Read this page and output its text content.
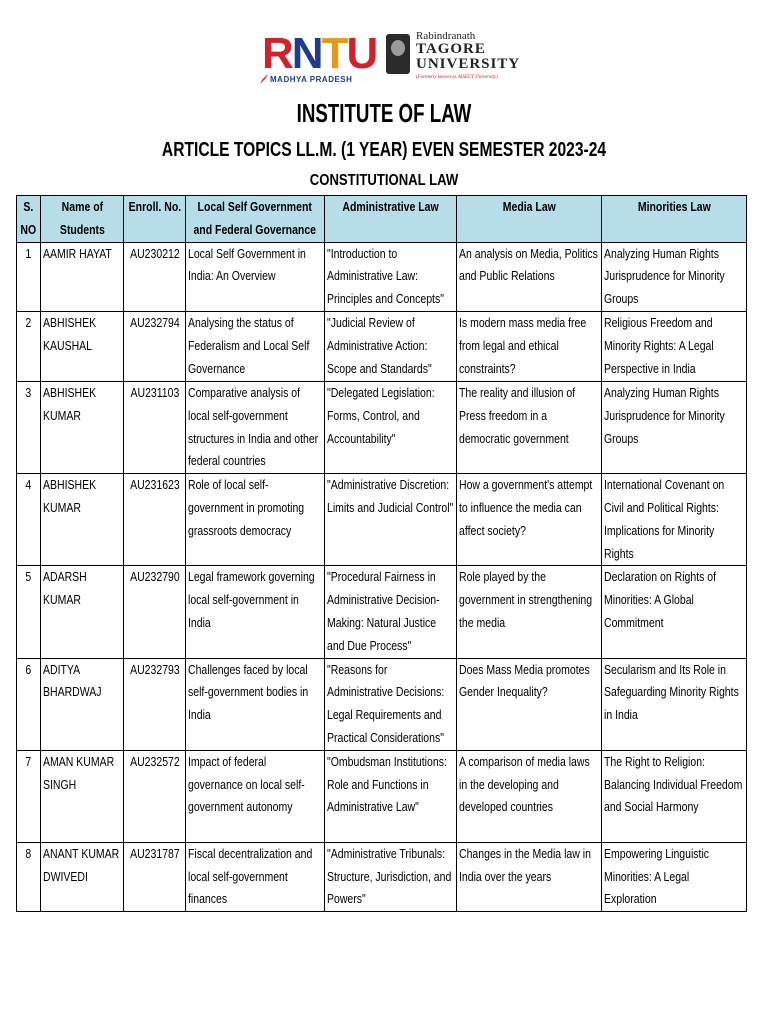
RNTU
MADHYA PRADESH
Rabindranath
TAGORE
UNIVERSITY
(Formerly known as AISECT University)
INSTITUTE OF LAW
ARTICLE TOPICS LL.M. (1 YEAR) EVEN SEMESTER 2023-24
CONSTITUTIONAL LAW
S. NO	Name of Students	Enroll. No.	Local Self Government and Federal Governance	Administrative Law	Media Law	Minorities Law

1	AAMIR HAYAT	AU230212	Local Self Government in India: An Overview	"Introduction to Administrative Law: Principles and Concepts"	An analysis on Media, Politics and Public Relations	Analyzing Human Rights Jurisprudence for Minority Groups

2	ABHISHEK KAUSHAL	AU232794	Analysing the status of Federalism and Local Self Governance	"Judicial Review of Administrative Action: Scope and Standards"	Is modern mass media free from legal and ethical constraints?	Religious Freedom and Minority Rights: A Legal Perspective in India

3	ABHISHEK KUMAR	AU231103	Comparative analysis of local self-government structures in India and other federal countries	"Delegated Legislation: Forms, Control, and Accountability"	The reality and illusion of Press freedom in a democratic government	Analyzing Human Rights Jurisprudence for Minority Groups

4	ABHISHEK KUMAR	AU231623	Role of local self-government in promoting grassroots democracy	"Administrative Discretion: Limits and Judicial Control"	How a government's attempt to influence the media can affect society?	International Covenant on Civil and Political Rights: Implications for Minority Rights

5	ADARSH KUMAR	AU232790	Legal framework governing local self-government in India	"Procedural Fairness in Administrative Decision-Making: Natural Justice and Due Process"	Role played by the government in strengthening the media	Declaration on Rights of Minorities: A Global Commitment

6	ADITYA BHARDWAJ	AU232793	Challenges faced by local self-government bodies in India	"Reasons for Administrative Decisions: Legal Requirements and Practical Considerations"	Does Mass Media promotes Gender Inequality?	Secularism and Its Role in Safeguarding Minority Rights in India

7	AMAN KUMAR SINGH	AU232572	Impact of federal governance on local self-government autonomy	"Ombudsman Institutions: Role and Functions in Administrative Law"	A comparison of media laws in the developing and developed countries	The Right to Religion: Balancing Individual Freedom and Social Harmony

8	ANANT KUMAR DWIVEDI	AU231787	Fiscal decentralization and local self-government finances	"Administrative Tribunals: Structure, Jurisdiction, and Powers"	Changes in the Media law in India over the years	Empowering Linguistic Minorities: A Legal Exploration
